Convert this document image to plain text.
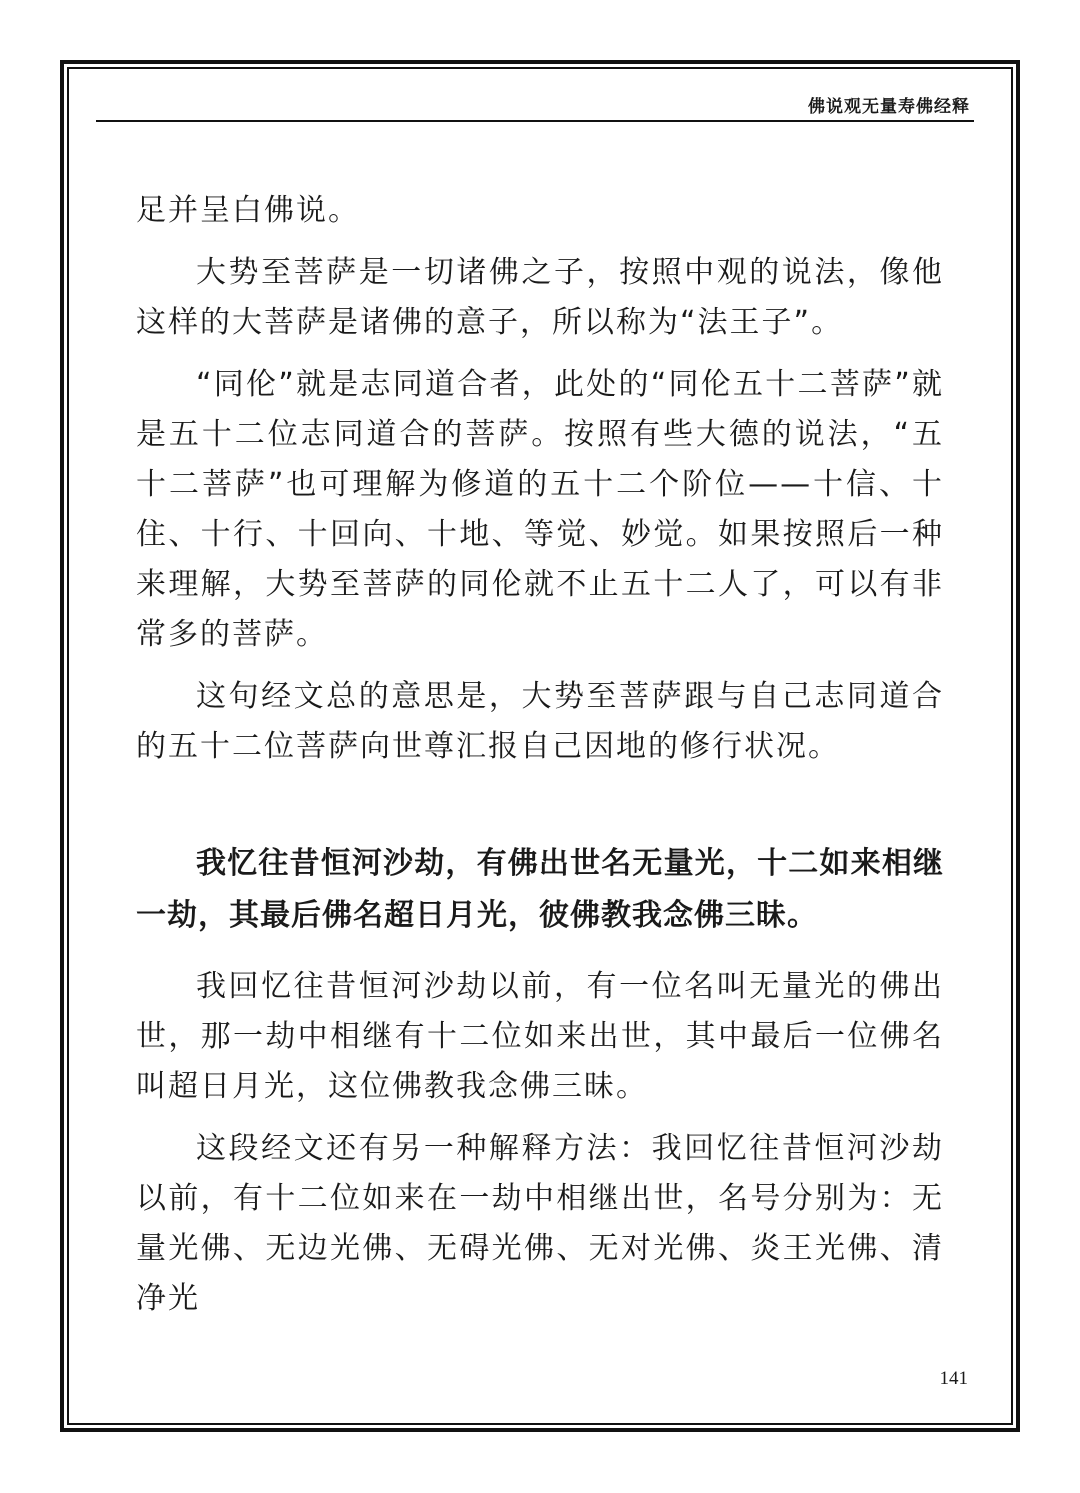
佛说观无量寿佛经释

足并呈白佛说。

大势至菩萨是一切诸佛之子，按照中观的说法，像他这样的大菩萨是诸佛的意子，所以称为“法王子”。

“同伦”就是志同道合者，此处的“同伦五十二菩萨”就是五十二位志同道合的菩萨。按照有些大德的说法，“五十二菩萨”也可理解为修道的五十二个阶位——十信、十住、十行、十回向、十地、等觉、妙觉。如果按照后一种来理解，大势至菩萨的同伦就不止五十二人了，可以有非常多的菩萨。

这句经文总的意思是，大势至菩萨跟与自己志同道合的五十二位菩萨向世尊汇报自己因地的修行状况。

我忆往昔恒河沙劫，有佛出世名无量光，十二如来相继一劫，其最后佛名超日月光，彼佛教我念佛三昧。

我回忆往昔恒河沙劫以前，有一位名叫无量光的佛出世，那一劫中相继有十二位如来出世，其中最后一位佛名叫超日月光，这位佛教我念佛三昧。

这段经文还有另一种解释方法：我回忆往昔恒河沙劫以前，有十二位如来在一劫中相继出世，名号分别为：无量光佛、无边光佛、无碍光佛、无对光佛、炎王光佛、清净光

141
